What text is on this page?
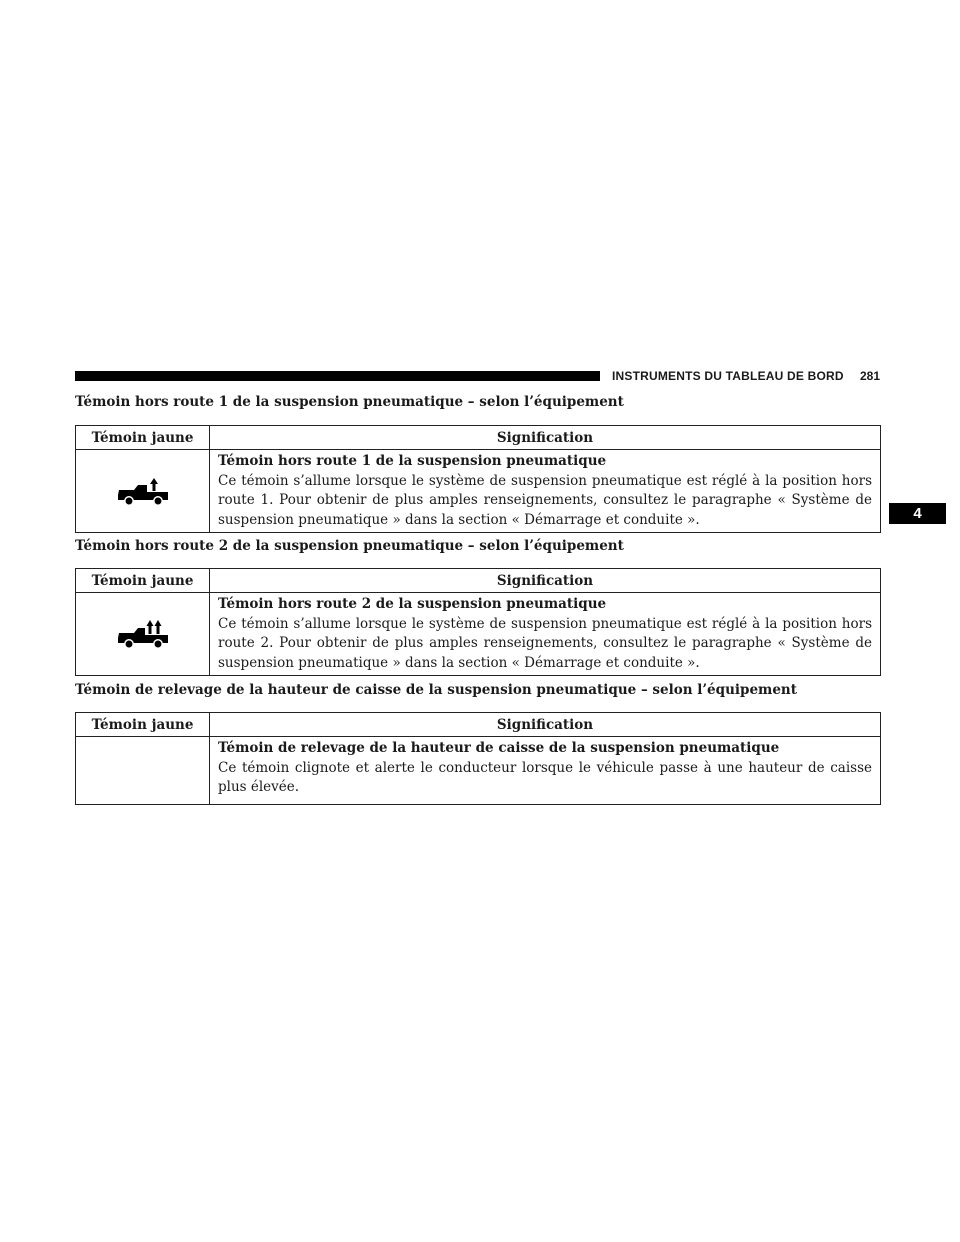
INSTRUMENTS DU TABLEAU DE BORD 281
4
Témoin hors route 1 de la suspension pneumatique – selon l’équipement
Témoin jaune	Signification

Témoin hors route 1 de la suspension pneumatique
Ce témoin s’allume lorsque le système de suspension pneumatique est réglé à la position hors route 1. Pour obtenir de plus amples renseignements, consultez le paragraphe « Système de suspension pneumatique » dans la section « Démarrage et conduite ».
Témoin hors route 2 de la suspension pneumatique – selon l’équipement
Témoin jaune	Signification

Témoin hors route 2 de la suspension pneumatique
Ce témoin s’allume lorsque le système de suspension pneumatique est réglé à la position hors route 2. Pour obtenir de plus amples renseignements, consultez le paragraphe « Système de suspension pneumatique » dans la section « Démarrage et conduite ».
Témoin de relevage de la hauteur de caisse de la suspension pneumatique – selon l’équipement
Témoin jaune	Signification

	Témoin de relevage de la hauteur de caisse de la suspension pneumatique
Ce témoin clignote et alerte le conducteur lorsque le véhicule passe à une hauteur de caisse plus élevée.
